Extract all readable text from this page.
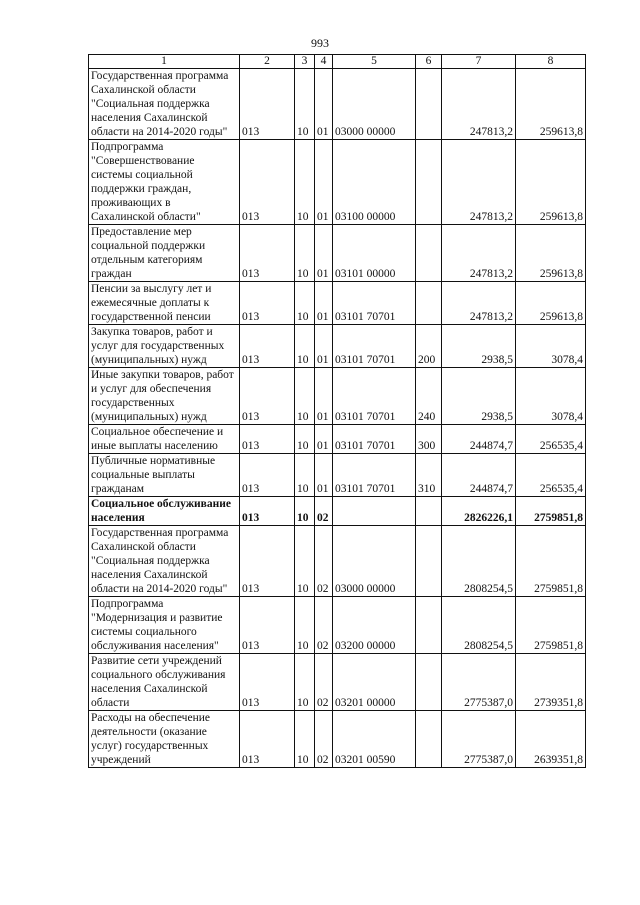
993
1	2	3	4	5	6	7	8
Государственная программа Сахалинской области "Социальная поддержка населения Сахалинской области на 2014-2020 годы"	013	10	01	03000 00000		247813,2	259613,8
Подпрограмма "Совершенствование системы социальной поддержки граждан, проживающих в Сахалинской области"	013	10	01	03100 00000		247813,2	259613,8
Предоставление мер социальной поддержки отдельным категориям граждан	013	10	01	03101 00000		247813,2	259613,8
Пенсии за выслугу лет и ежемесячные доплаты к государственной пенсии	013	10	01	03101 70701		247813,2	259613,8
Закупка товаров, работ и услуг для государственных (муниципальных) нужд	013	10	01	03101 70701	200	2938,5	3078,4
Иные закупки товаров, работ и услуг для обеспечения государственных (муниципальных) нужд	013	10	01	03101 70701	240	2938,5	3078,4
Социальное обеспечение и иные выплаты населению	013	10	01	03101 70701	300	244874,7	256535,4
Публичные нормативные социальные выплаты гражданам	013	10	01	03101 70701	310	244874,7	256535,4
Социальное обслуживание населения	013	10	02			2826226,1	2759851,8
Государственная программа Сахалинской области "Социальная поддержка населения Сахалинской области на 2014-2020 годы"	013	10	02	03000 00000		2808254,5	2759851,8
Подпрограмма "Модернизация и развитие системы социального обслуживания населения"	013	10	02	03200 00000		2808254,5	2759851,8
Развитие сети учреждений социального обслуживания населения Сахалинской области	013	10	02	03201 00000		2775387,0	2739351,8
Расходы на обеспечение деятельности (оказание услуг) государственных учреждений	013	10	02	03201 00590		2775387,0	2639351,8
